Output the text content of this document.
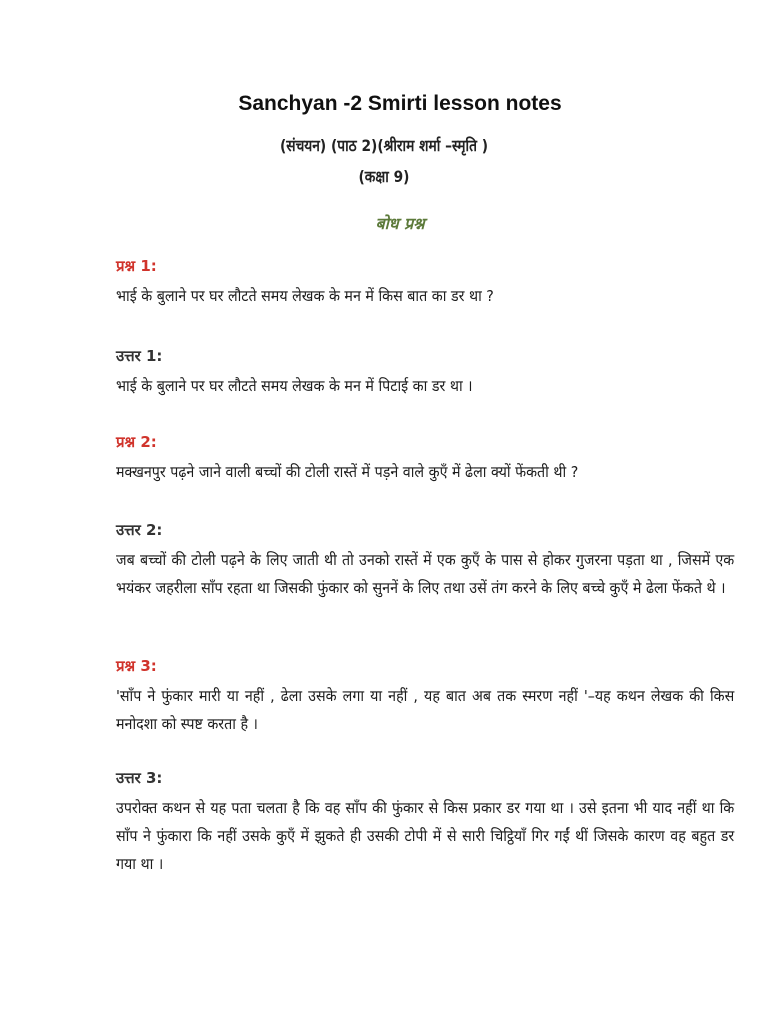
Sanchyan -2 Smirti lesson notes
(संचयन) (पाठ 2)(श्रीराम शर्मा –स्मृति )
(कक्षा 9)
बोध प्रश्न
प्रश्न 1:

भाई के बुलाने पर घर लौटते समय लेखक के मन में किस बात का डर था ?

उत्तर 1:

भाई के बुलाने पर घर लौटते समय लेखक के मन में पिटाई का डर था ।

प्रश्न 2:

मक्खनपुर पढ़ने जाने वाली बच्चों की टोली रास्तें में पड़ने वाले कुएँ में ढेला क्यों फेंकती थी ?

उत्तर 2:

जब बच्चों की टोली पढ़ने के लिए जाती थी तो उनको रास्तें में एक कुएँ के पास से होकर गुजरना पड़ता था , जिसमें एक भयंकर जहरीला साँप रहता था जिसकी फुंकार को सुननें के लिए तथा उसें तंग करने के लिए बच्चे कुएँ मे ढेला फेंकते थे ।

प्रश्न 3:

'साँप ने फुंकार मारी या नहीं , ढेला उसके लगा या नहीं , यह बात अब तक स्मरण नहीं '–यह कथन लेखक की किस मनोदशा को स्पष्ट करता है ।

उत्तर 3:

उपरोक्त कथन से यह पता चलता है कि वह साँप की फुंकार से किस प्रकार डर गया था । उसे इतना भी याद नहीं था कि साँप ने फुंकारा कि नहीं उसके कुएँ में झुकते ही उसकी टोपी में से सारी चिट्ठियाँ गिर गईं थीं जिसके कारण वह बहुत डर गया था ।
